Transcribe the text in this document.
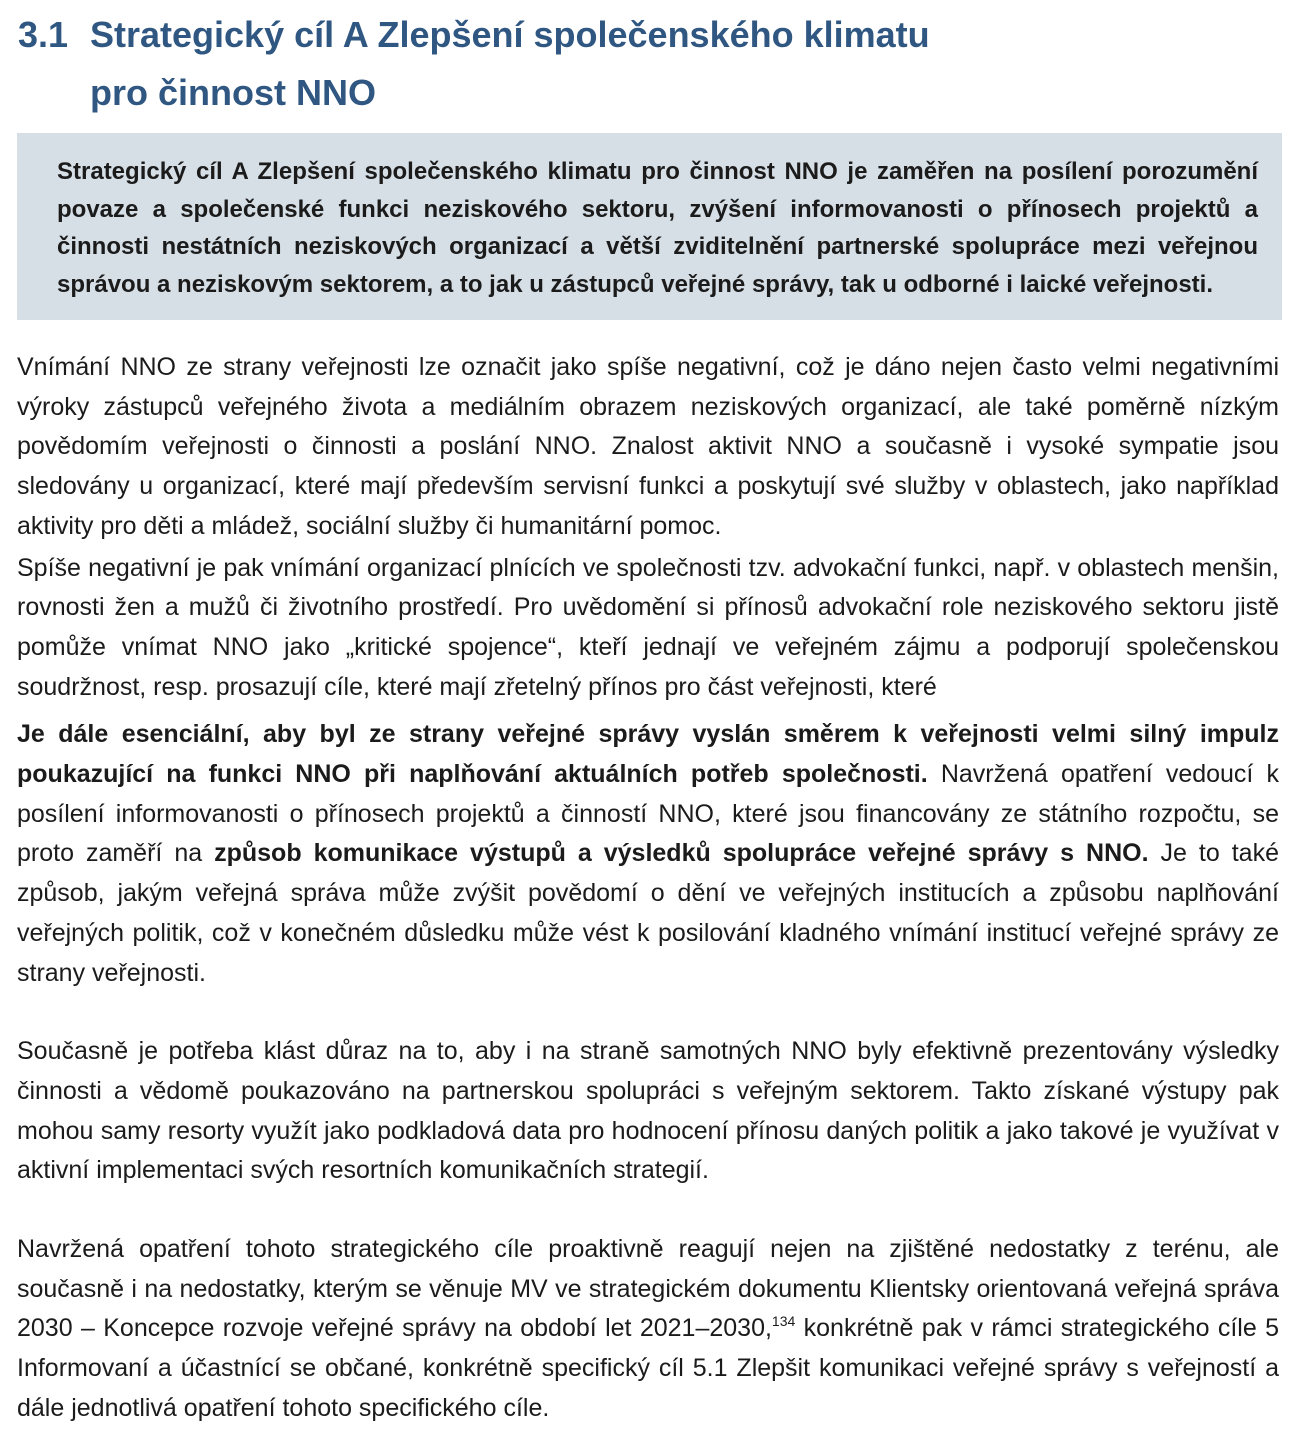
3.1 Strategický cíl A Zlepšení společenského klimatu
pro činnost NNO

Strategický cíl A Zlepšení společenského klimatu pro činnost NNO je zaměřen na posílení porozumění povaze a společenské funkci neziskového sektoru, zvýšení informovanosti o přínosech projektů a činnosti nestátních neziskových organizací a větší zviditelnění partnerské spolupráce mezi veřejnou správou a neziskovým sektorem, a to jak u zástupců veřejné správy, tak u odborné i laické veřejnosti.

Vnímání NNO ze strany veřejnosti lze označit jako spíše negativní, což je dáno nejen často velmi negativními výroky zástupců veřejného života a mediálním obrazem neziskových organizací, ale také poměrně nízkým povědomím veřejnosti o činnosti a poslání NNO. Znalost aktivit NNO a současně i vysoké sympatie jsou sledovány u organizací, které mají především servisní funkci a poskytují své služby v oblastech, jako například aktivity pro děti a mládež, sociální služby či humanitární pomoc.

Spíše negativní je pak vnímání organizací plnících ve společnosti tzv. advokační funkci, např. v oblastech menšin, rovnosti žen a mužů či životního prostředí. Pro uvědomění si přínosů advokační role neziskového sektoru jistě pomůže vnímat NNO jako „kritické spojence“, kteří jednají ve veřejném zájmu a podporují společenskou soudržnost, resp. prosazují cíle, které mají zřetelný přínos pro část veřejnosti, které

Je dále esenciální, aby byl ze strany veřejné správy vyslán směrem k veřejnosti velmi silný impulz poukazující na funkci NNO při naplňování aktuálních potřeb společnosti. Navržená opatření vedoucí k posílení informovanosti o přínosech projektů a činností NNO, které jsou financovány ze státního rozpočtu, se proto zaměří na způsob komunikace výstupů a výsledků spolupráce veřejné správy s NNO. Je to také způsob, jakým veřejná správa může zvýšit povědomí o dění ve veřejných institucích a způsobu naplňování veřejných politik, což v konečném důsledku může vést k posilování kladného vnímání institucí veřejné správy ze strany veřejnosti.

Současně je potřeba klást důraz na to, aby i na straně samotných NNO byly efektivně prezentovány výsledky činnosti a vědomě poukazováno na partnerskou spolupráci s veřejným sektorem. Takto získané výstupy pak mohou samy resorty využít jako podkladová data pro hodnocení přínosu daných politik a jako takové je využívat v aktivní implementaci svých resortních komunikačních strategií.

Navržená opatření tohoto strategického cíle proaktivně reagují nejen na zjištěné nedostatky z terénu, ale současně i na nedostatky, kterým se věnuje MV ve strategickém dokumentu Klientsky orientovaná veřejná správa 2030 – Koncepce rozvoje veřejné správy na období let 2021–2030,$^{134}$ konkrétně pak v rámci strategického cíle 5 Informovaní a účastnící se občané, konkrétně specifický cíl 5.1 Zlepšit komunikaci veřejné správy s veřejností a dále jednotlivá opatření tohoto specifického cíle.
